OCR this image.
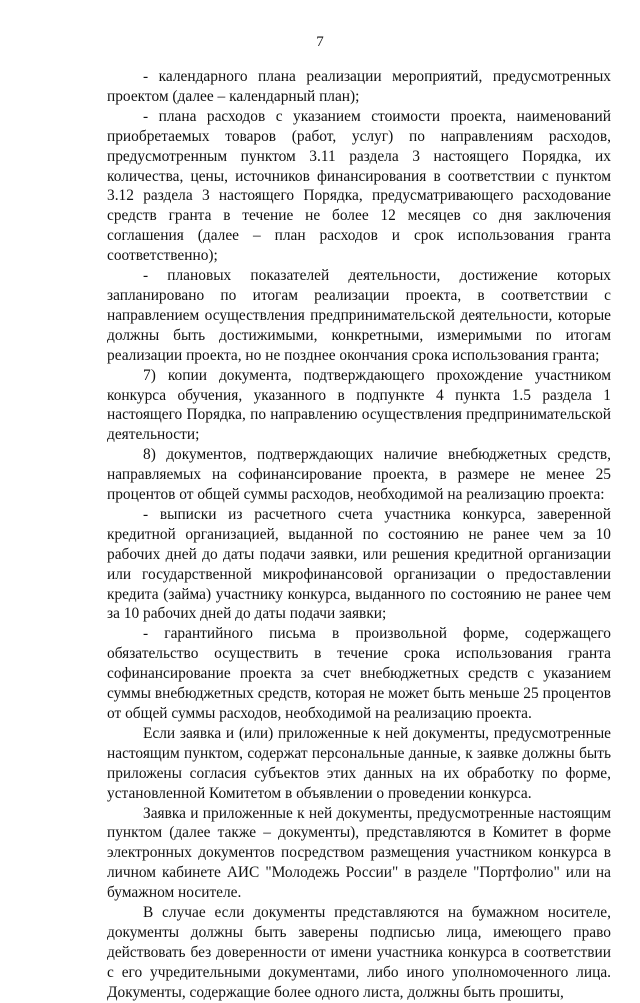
7

- календарного плана реализации мероприятий, предусмотренных проектом (далее – календарный план);

- плана расходов с указанием стоимости проекта, наименований приобретаемых товаров (работ, услуг) по направлениям расходов, предусмотренным пунктом 3.11 раздела 3 настоящего Порядка, их количества, цены, источников финансирования в соответствии с пунктом 3.12 раздела 3 настоящего Порядка, предусматривающего расходование средств гранта в течение не более 12 месяцев со дня заключения соглашения (далее – план расходов и срок использования гранта соответственно);

- плановых показателей деятельности, достижение которых запланировано по итогам реализации проекта, в соответствии с направлением осуществления предпринимательской деятельности, которые должны быть достижимыми, конкретными, измеримыми по итогам реализации проекта, но не позднее окончания срока использования гранта;

7) копии документа, подтверждающего прохождение участником конкурса обучения, указанного в подпункте 4 пункта 1.5 раздела 1 настоящего Порядка, по направлению осуществления предпринимательской деятельности;

8) документов, подтверждающих наличие внебюджетных средств, направляемых на софинансирование проекта, в размере не менее 25 процентов от общей суммы расходов, необходимой на реализацию проекта:

- выписки из расчетного счета участника конкурса, заверенной кредитной организацией, выданной по состоянию не ранее чем за 10 рабочих дней до даты подачи заявки, или решения кредитной организации или государственной микрофинансовой организации о предоставлении кредита (займа) участнику конкурса, выданного по состоянию не ранее чем за 10 рабочих дней до даты подачи заявки;

- гарантийного письма в произвольной форме, содержащего обязательство осуществить в течение срока использования гранта софинансирование проекта за счет внебюджетных средств с указанием суммы внебюджетных средств, которая не может быть меньше 25 процентов от общей суммы расходов, необходимой на реализацию проекта.

Если заявка и (или) приложенные к ней документы, предусмотренные настоящим пунктом, содержат персональные данные, к заявке должны быть приложены согласия субъектов этих данных на их обработку по форме, установленной Комитетом в объявлении о проведении конкурса.

Заявка и приложенные к ней документы, предусмотренные настоящим пунктом (далее также – документы), представляются в Комитет в форме электронных документов посредством размещения участником конкурса в личном кабинете АИС "Молодежь России" в разделе "Портфолио" или на бумажном носителе.

В случае если документы представляются на бумажном носителе, документы должны быть заверены подписью лица, имеющего право действовать без доверенности от имени участника конкурса в соответствии с его учредительными документами, либо иного уполномоченного лица. Документы, содержащие более одного листа, должны быть прошиты,
